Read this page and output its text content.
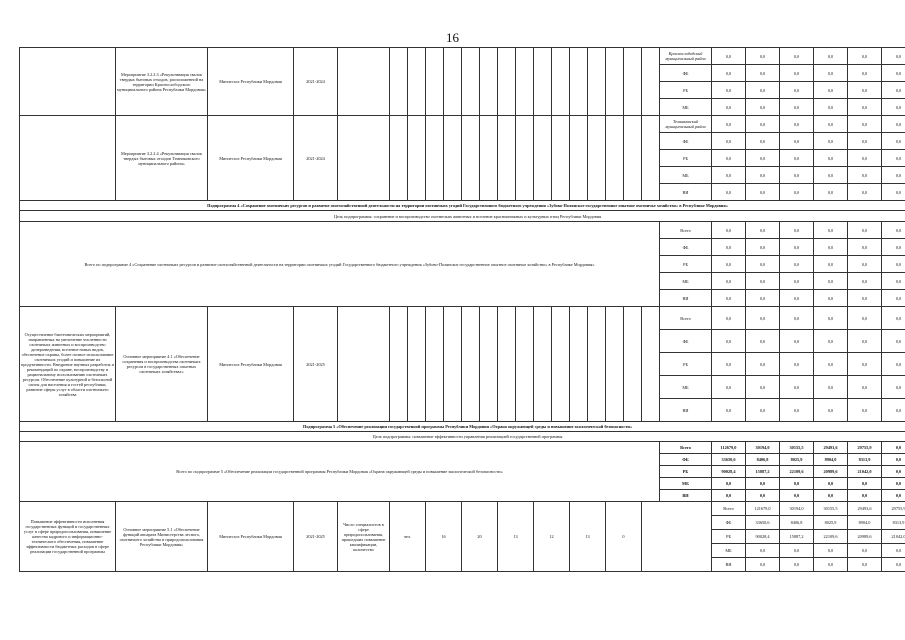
16
	Мероприятие 3.2.2.3 «Рекультивация свалок твердых бытовых отходов, расположенной на территории Краснослободского муниципального района Республики Мордовия»	Минлесхоз Республики Мордовия	2021-2024																	Краснослободский муниципальный район	0,0	0,0	0,0	0,0	0,0	0,0	
																				ФБ	0,0	0,0	0,0	0,0	0,0	0,0	
																				РБ	0,0	0,0	0,0	0,0	0,0	0,0	
																				МБ	0,0	0,0	0,0	0,0	0,0	0,0	
	Мероприятие 3.2.2.4 «Рекультивация свалок твердых бытовых отходов Темниковского муниципального района»	Минлесхоз Республики Мордовия	2021-2024																	Темниковский муниципальный район	0,0	0,0	0,0	0,0	0,0	0,0	
																				ФБ	0,0	0,0	0,0	0,0	0,0	0,0	
																				РБ	0,0	0,0	0,0	0,0	0,0	0,0	
																				МБ	0,0	0,0	0,0	0,0	0,0	0,0	
																				ВИ	0,0	0,0	0,0	0,0	0,0	0,0	
Подпрограмма 4 «Сохранение охотничьих ресурсов и развитие охотхозяйственной деятельности на территории охотничьих угодий Государственного бюджетного учреждения «Зубово-Полянское государственное опытное охотничье хозяйство» в Республике Мордовия»																											
Цель подпрограммы: сохранение и воспроизводство охотничьих животных и вселение краснокнижных и культурных птиц Республики Мордовия																											
Всего по подпрограмме 4 «Сохранение охотничьих ресурсов и развитие охотхозяйственной деятельности на территории охотничьих угодий Государственного бюджетного учреждения «Зубово-Полянское государственное опытное охотничье хозяйство» в Республике Мордовия»																				Всего	0,0	0,0	0,0	0,0	0,0	0,0	
																				ФБ	0,0	0,0	0,0	0,0	0,0	0,0	
																				РБ	0,0	0,0	0,0	0,0	0,0	0,0	
																				МБ	0,0	0,0	0,0	0,0	0,0	0,0	
																				ВИ	0,0	0,0	0,0	0,0	0,0	0,0	
Осуществление биотехнических мероприятий, направленных на увеличение численности охотничьих животных и воспроизводство дичеразведения, вселение новых видов, обеспечение охраны, более полное использование охотничьих угодий и повышение их продуктивности. Внедрение научных разработок и рекомендаций по охране, воспроизводству и рациональному использованию охотничьих ресурсов. Обеспечение культурной и безопасной охоты для населения и гостей республики, развитие сферы услуг в области охотничьего хозяйства	Основное мероприятие 4.1 «Обеспечение сохранения и воспроизводства охотничьих ресурсов в государственных опытных охотничьих хозяйствах»	Минлесхоз Республики Мордовия	2021-2025																	Всего	0,0	0,0	0,0	0,0	0,0	0,0	
																				ФБ	0,0	0,0	0,0	0,0	0,0	0,0	
																				РБ	0,0	0,0	0,0	0,0	0,0	0,0	
																				МБ	0,0	0,0	0,0	0,0	0,0	0,0	
																				ВИ	0,0	0,0	0,0	0,0	0,0	0,0	
Подпрограмма 5 «Обеспечение реализации государственной программы Республики Мордовия «Охрана окружающей среды и повышение экологической безопасности»																											
Цель подпрограммы: повышение эффективности управления реализацией государственной программы																											
Всего по подпрограмме 5 «Обеспечение реализации государственной программы Республики Мордовия «Охрана окружающей среды и повышение экологической безопасности»																				Всего	112679,0	30194,0	30155,5	29493,6	29755,9	0,0	
																				ФБ	33650,6	8406,8	8025,9	8904,0	8313,9	0,0	
																				РБ	90028,4	15887,2	22109,6	20989,6	21042,0	0,0	
																				МБ	0,0	0,0	0,0	0,0	0,0	0,0	
																				ВИ	0,0	0,0	0,0	0,0	0,0	0,0	
Повышение эффективности исполнения государственных функций и государственных услуг в сфере природопользования, повышение качества кадрового и информационно-технического обеспечения, повышение эффективности бюджетных расходов в сфере реализации государственной программы	Основное мероприятие 5.1 «Обеспечение функций аппарата Министерства лесного, охотничьего хозяйства и природопользования Республики Мордовия»	Минлесхоз Республики Мордовия	2021-2025	Число специалистов в сфере природопользования, прошедших повышение квалификации, количество	чел.		16		20		13		12		13		0				Всего	121679,0	30194,0	30155,5	29493,6	29755,9	
																					ФБ	33650,6	8406,8	8025,9	8904,0	8313,9	
																					РБ	90028,4	15887,2	22109,6	20989,6	21042,0	
																					МБ	0,0	0,0	0,0	0,0	0,0	
																					ВИ	0,0	0,0	0,0	0,0	0,0	
